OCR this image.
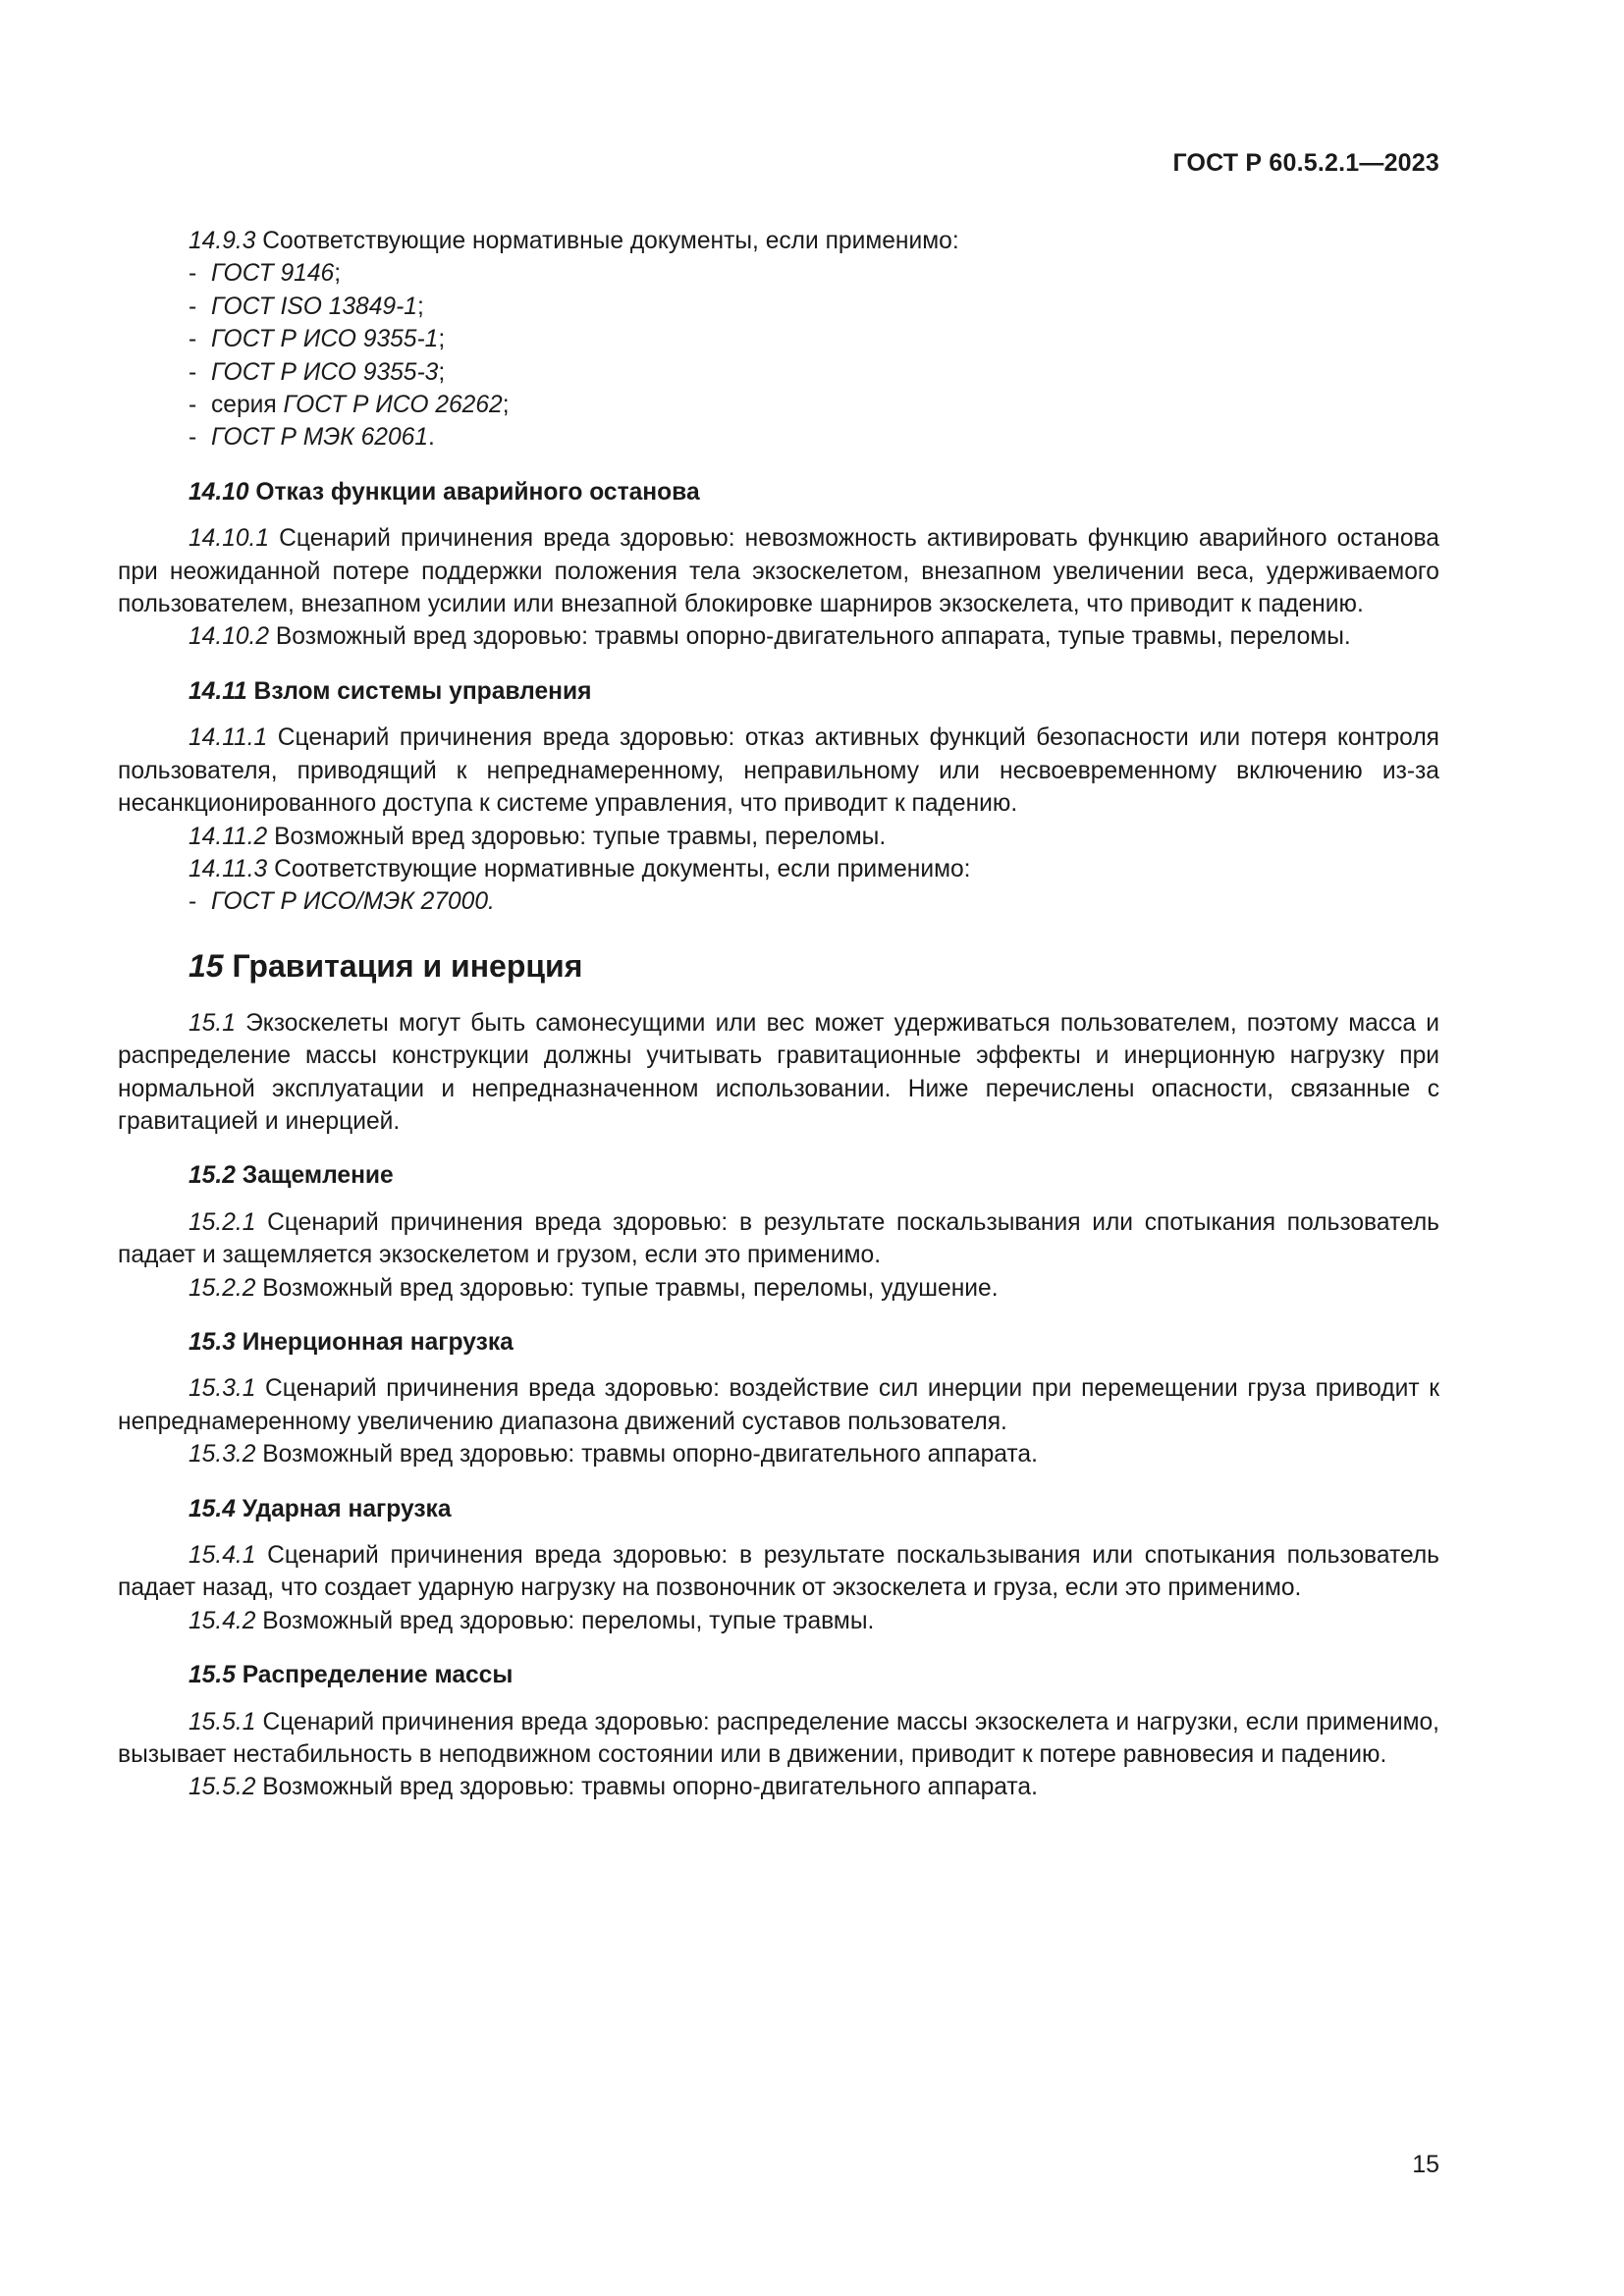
ГОСТ Р 60.5.2.1—2023

14.9.3 Соответствующие нормативные документы, если применимо:

- ГОСТ 9146;

- ГОСТ ISO 13849-1;

- ГОСТ Р ИСО 9355-1;

- ГОСТ Р ИСО 9355-3;

- серия ГОСТ Р ИСО 26262;

- ГОСТ Р МЭК 62061.

14.10 Отказ функции аварийного останова

14.10.1 Сценарий причинения вреда здоровью: невозможность активировать функцию аварийного останова при неожиданной потере поддержки положения тела экзоскелетом, внезапном увеличении веса, удерживаемого пользователем, внезапном усилии или внезапной блокировке шарниров экзоскелета, что приводит к падению.

14.10.2 Возможный вред здоровью: травмы опорно-двигательного аппарата, тупые травмы, переломы.

14.11 Взлом системы управления

14.11.1 Сценарий причинения вреда здоровью: отказ активных функций безопасности или потеря контроля пользователя, приводящий к непреднамеренному, неправильному или несвоевременному включению из-за несанкционированного доступа к системе управления, что приводит к падению.

14.11.2 Возможный вред здоровью: тупые травмы, переломы.

14.11.3 Соответствующие нормативные документы, если применимо:

- ГОСТ Р ИСО/МЭК 27000.

15 Гравитация и инерция

15.1 Экзоскелеты могут быть самонесущими или вес может удерживаться пользователем, поэтому масса и распределение массы конструкции должны учитывать гравитационные эффекты и инерционную нагрузку при нормальной эксплуатации и непредназначенном использовании. Ниже перечислены опасности, связанные с гравитацией и инерцией.

15.2 Защемление

15.2.1 Сценарий причинения вреда здоровью: в результате поскальзывания или спотыкания пользователь падает и защемляется экзоскелетом и грузом, если это применимо.

15.2.2 Возможный вред здоровью: тупые травмы, переломы, удушение.

15.3 Инерционная нагрузка

15.3.1 Сценарий причинения вреда здоровью: воздействие сил инерции при перемещении груза приводит к непреднамеренному увеличению диапазона движений суставов пользователя.

15.3.2 Возможный вред здоровью: травмы опорно-двигательного аппарата.

15.4 Ударная нагрузка

15.4.1 Сценарий причинения вреда здоровью: в результате поскальзывания или спотыкания пользователь падает назад, что создает ударную нагрузку на позвоночник от экзоскелета и груза, если это применимо.

15.4.2 Возможный вред здоровью: переломы, тупые травмы.

15.5 Распределение массы

15.5.1 Сценарий причинения вреда здоровью: распределение массы экзоскелета и нагрузки, если применимо, вызывает нестабильность в неподвижном состоянии или в движении, приводит к потере равновесия и падению.

15.5.2 Возможный вред здоровью: травмы опорно-двигательного аппарата.

15
